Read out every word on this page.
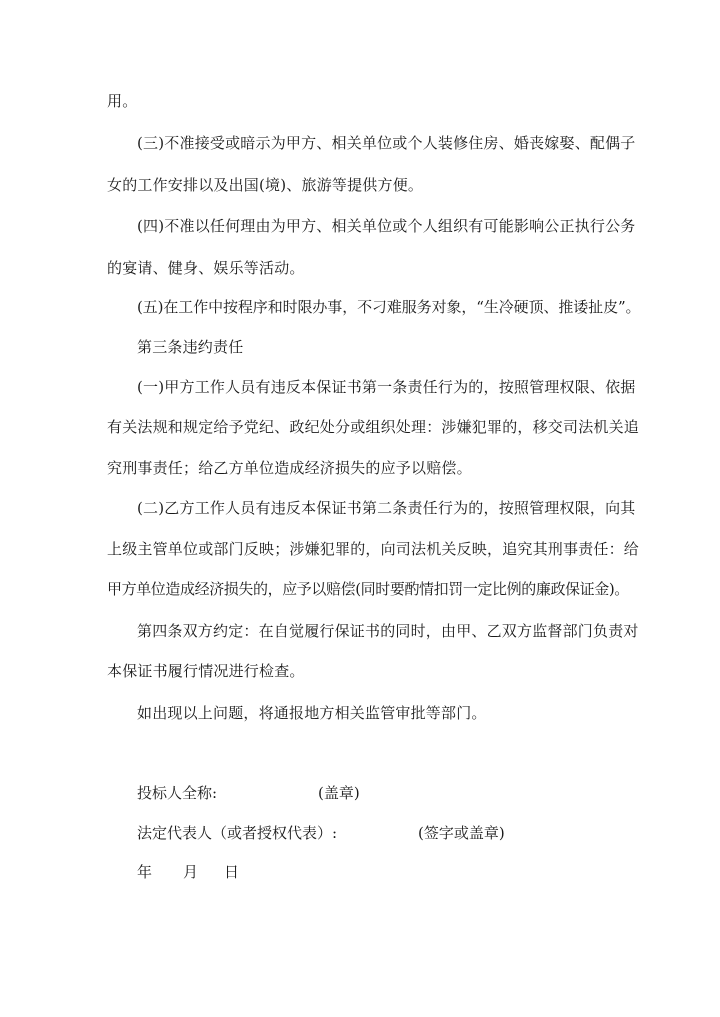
用。
(三)不准接受或暗示为甲方、相关单位或个人装修住房、婚丧嫁娶、配偶子
女的工作安排以及出国(境)、旅游等提供方便。
(四)不准以任何理由为甲方、相关单位或个人组织有可能影响公正执行公务
的宴请、健身、娱乐等活动。
(五)在工作中按程序和时限办事，不刁难服务对象，“生冷硬顶、推诿扯皮”。
第三条违约责任
(一)甲方工作人员有违反本保证书第一条责任行为的，按照管理权限、依据
有关法规和规定给予党纪、政纪处分或组织处理：涉嫌犯罪的，移交司法机关追
究刑事责任；给乙方单位造成经济损失的应予以赔偿。
(二)乙方工作人员有违反本保证书第二条责任行为的，按照管理权限，向其
上级主管单位或部门反映；涉嫌犯罪的，向司法机关反映，追究其刑事责任：给
甲方单位造成经济损失的，应予以赔偿(同时要酌情扣罚一定比例的廉政保证金)。
第四条双方约定：在自觉履行保证书的同时，由甲、乙双方监督部门负责对
本保证书履行情况进行检查。
如出现以上问题，将通报地方相关监管审批等部门。
投标人全称:	(盖章)
法定代表人（或者授权代表）:	(签字或盖章)
年 月 日
